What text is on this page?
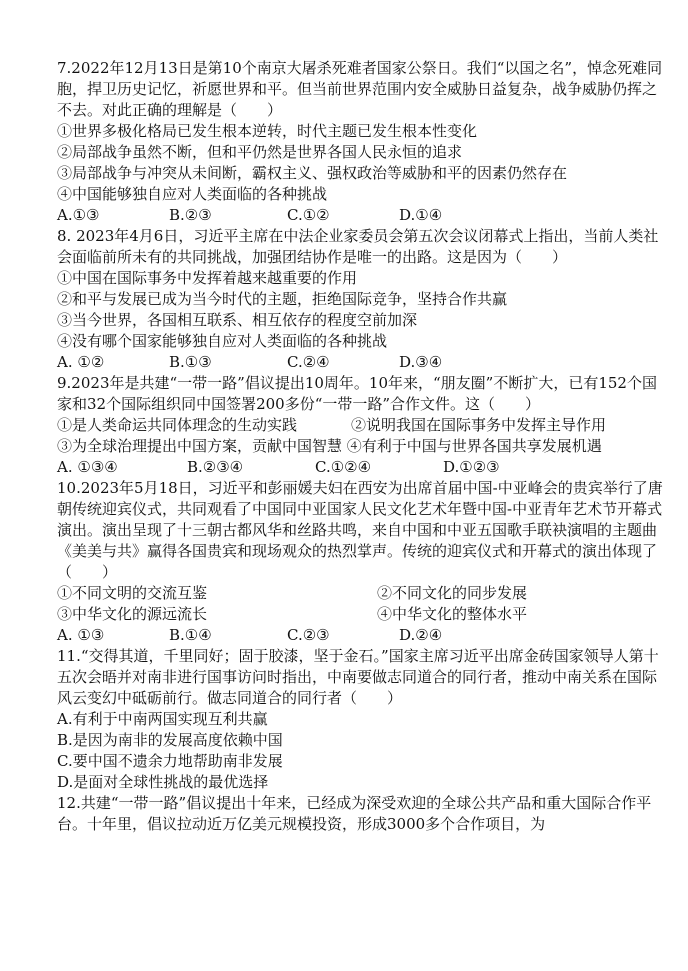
7.2022年12月13日是第10个南京大屠杀死难者国家公祭日。我们“以国之名”，悼念死难同胞，捍卫历史记忆，祈愿世界和平。但当前世界范围内安全威胁日益复杂，战争威胁仍挥之不去。对此正确的理解是（　　）

①世界多极化格局已发生根本逆转，时代主题已发生根本性变化
②局部战争虽然不断，但和平仍然是世界各国人民永恒的追求
③局部战争与冲突从未间断，霸权主义、强权政治等威胁和平的因素仍然存在
④中国能够独自应对人类面临的各种挑战
A.①③	B.②③	C.①②	D.①④

8. 2023年4月6日，习近平主席在中法企业家委员会第五次会议闭幕式上指出，当前人类社会面临前所未有的共同挑战，加强团结协作是唯一的出路。这是因为（　　）

①中国在国际事务中发挥着越来越重要的作用
②和平与发展已成为当今时代的主题，拒绝国际竞争，坚持合作共赢
③当今世界，各国相互联系、相互依存的程度空前加深
④没有哪个国家能够独自应对人类面临的各种挑战
A. ①②	B.①③	C.②④	D.③④

9.2023年是共建“一带一路”倡议提出10周年。10年来，“朋友圈”不断扩大，已有152个国家和32个国际组织同中国签署200多份“一带一路”合作文件。这（　　）

①是人类命运共同体理念的生动实践	②说明我国在国际事务中发挥主导作用

③为全球治理提出中国方案，贡献中国智慧 ④有利于中国与世界各国共享发展机遇

A. ①③④	B.②③④	C.①②④	D.①②③

10.2023年5月18日，习近平和彭丽媛夫妇在西安为出席首届中国-中亚峰会的贵宾举行了唐朝传统迎宾仪式，共同观看了中国同中亚国家人民文化艺术年暨中国-中亚青年艺术节开幕式演出。演出呈现了十三朝古都风华和丝路共鸣，来自中国和中亚五国歌手联袂演唱的主题曲《美美与共》赢得各国贵宾和现场观众的热烈掌声。传统的迎宾仪式和开幕式的演出体现了（　　）

①不同文明的交流互鉴	②不同文化的同步发展
③中华文化的源远流长	④中华文化的整体水平
A. ①③	B.①④	C.②③	D.②④

11.“交得其道，千里同好；固于胶漆，坚于金石。”国家主席习近平出席金砖国家领导人第十五次会晤并对南非进行国事访问时指出，中南要做志同道合的同行者，推动中南关系在国际风云变幻中砥砺前行。做志同道合的同行者（　　）

A.有利于中南两国实现互利共赢
B.是因为南非的发展高度依赖中国
C.要中国不遗余力地帮助南非发展
D.是面对全球性挑战的最优选择

12.共建“一带一路”倡议提出十年来，已经成为深受欢迎的全球公共产品和重大国际合作平台。十年里，倡议拉动近万亿美元规模投资，形成3000多个合作项目，为
